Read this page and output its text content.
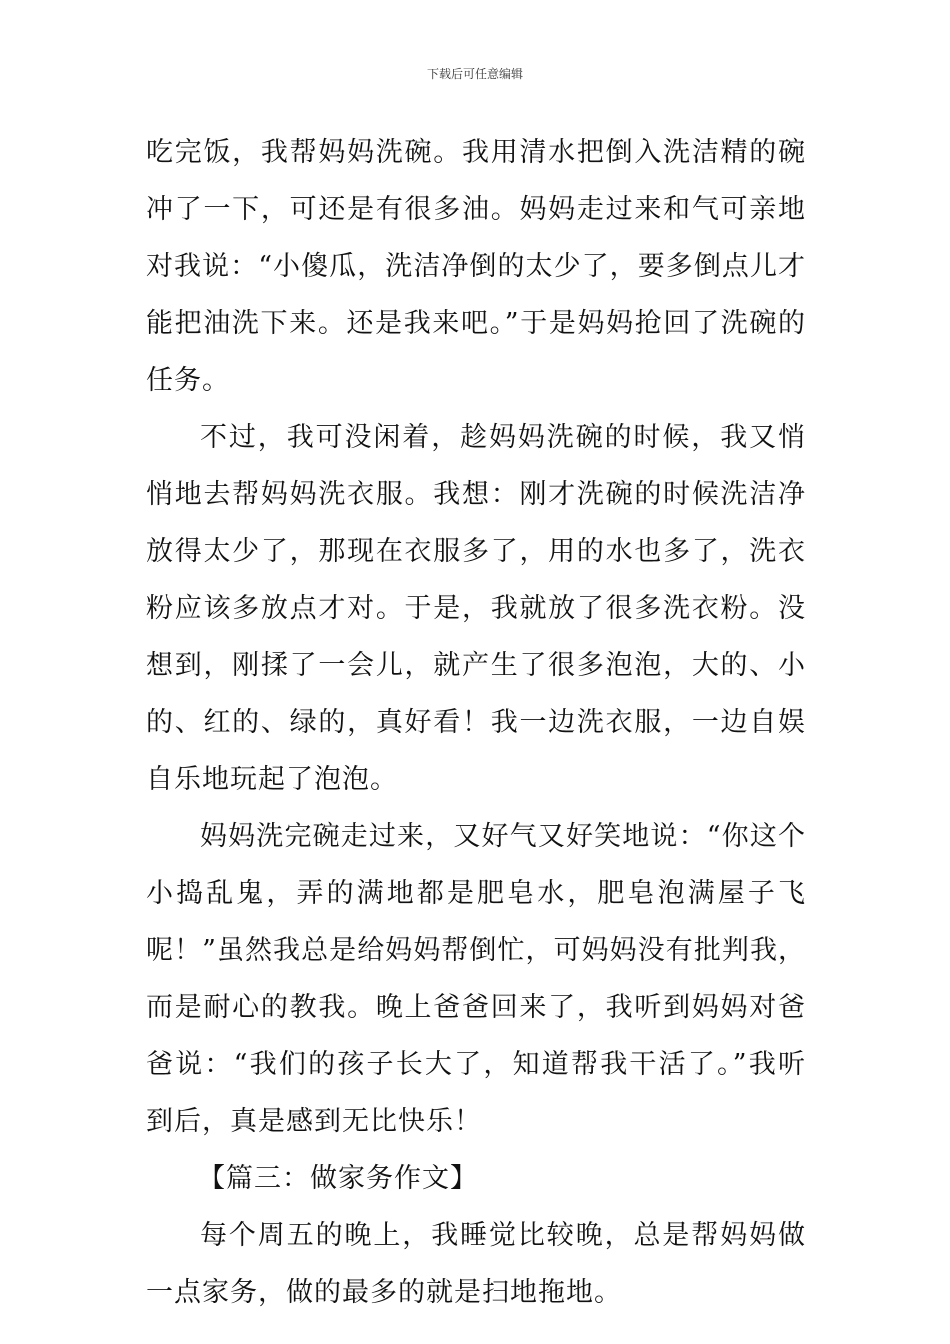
下载后可任意编辑

吃完饭，我帮妈妈洗碗。我用清水把倒入洗洁精的碗冲了一下，可还是有很多油。妈妈走过来和气可亲地对我说：“小傻瓜，洗洁净倒的太少了，要多倒点儿才能把油洗下来。还是我来吧。”于是妈妈抢回了洗碗的任务。

不过，我可没闲着，趁妈妈洗碗的时候，我又悄悄地去帮妈妈洗衣服。我想：刚才洗碗的时候洗洁净放得太少了，那现在衣服多了，用的水也多了，洗衣粉应该多放点才对。于是，我就放了很多洗衣粉。没想到，刚揉了一会儿，就产生了很多泡泡，大的、小的、红的、绿的，真好看！我一边洗衣服，一边自娱自乐地玩起了泡泡。

妈妈洗完碗走过来，又好气又好笑地说：“你这个小捣乱鬼，弄的满地都是肥皂水，肥皂泡满屋子飞呢！”虽然我总是给妈妈帮倒忙，可妈妈没有批判我，而是耐心的教我。晚上爸爸回来了，我听到妈妈对爸爸说：“我们的孩子长大了，知道帮我干活了。”我听到后，真是感到无比快乐！

【篇三：做家务作文】

每个周五的晚上，我睡觉比较晚，总是帮妈妈做一点家务，做的最多的就是扫地拖地。
